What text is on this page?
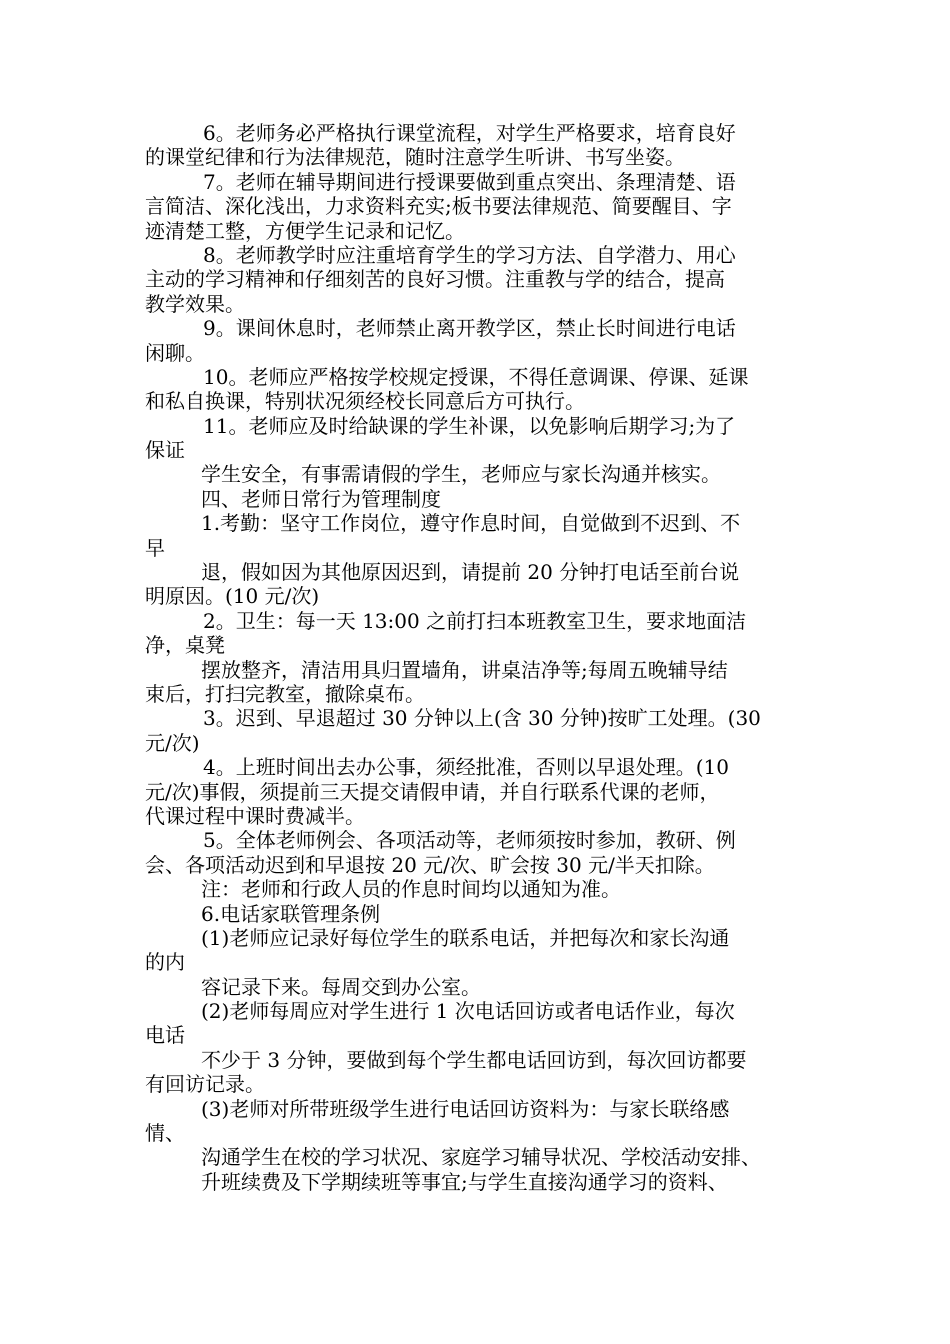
6。老师务必严格执行课堂流程，对学生严格要求，培育良好
的课堂纪律和行为法律规范，随时注意学生听讲、书写坐姿。
7。老师在辅导期间进行授课要做到重点突出、条理清楚、语
言简洁、深化浅出，力求资料充实;板书要法律规范、简要醒目、字
迹清楚工整，方便学生记录和记忆。
8。老师教学时应注重培育学生的学习方法、自学潜力、用心
主动的学习精神和仔细刻苦的良好习惯。注重教与学的结合，提高
教学效果。
9。课间休息时，老师禁止离开教学区，禁止长时间进行电话
闲聊。
10。老师应严格按学校规定授课，不得任意调课、停课、延课
和私自换课，特别状况须经校长同意后方可执行。
11。老师应及时给缺课的学生补课，以免影响后期学习;为了
保证
学生安全，有事需请假的学生，老师应与家长沟通并核实。
四、老师日常行为管理制度
1.考勤：坚守工作岗位，遵守作息时间，自觉做到不迟到、不
早
退，假如因为其他原因迟到，请提前 20 分钟打电话至前台说
明原因。(10 元/次)
2。卫生：每一天 13:00 之前打扫本班教室卫生，要求地面洁
净，桌凳
摆放整齐，清洁用具归置墙角，讲桌洁净等;每周五晚辅导结
束后，打扫完教室，撤除桌布。
3。迟到、早退超过 30 分钟以上(含 30 分钟)按旷工处理。(30
元/次)
4。上班时间出去办公事，须经批准，否则以早退处理。(10
元/次)事假，须提前三天提交请假申请，并自行联系代课的老师，
代课过程中课时费减半。
5。全体老师例会、各项活动等，老师须按时参加，教研、例
会、各项活动迟到和早退按 20 元/次、旷会按 30 元/半天扣除。
注：老师和行政人员的作息时间均以通知为准。
6.电话家联管理条例
(1)老师应记录好每位学生的联系电话，并把每次和家长沟通
的内
容记录下来。每周交到办公室。
(2)老师每周应对学生进行 1 次电话回访或者电话作业，每次
电话
不少于 3 分钟，要做到每个学生都电话回访到，每次回访都要
有回访记录。
(3)老师对所带班级学生进行电话回访资料为：与家长联络感
情、
沟通学生在校的学习状况、家庭学习辅导状况、学校活动安排、
升班续费及下学期续班等事宜;与学生直接沟通学习的资料、
